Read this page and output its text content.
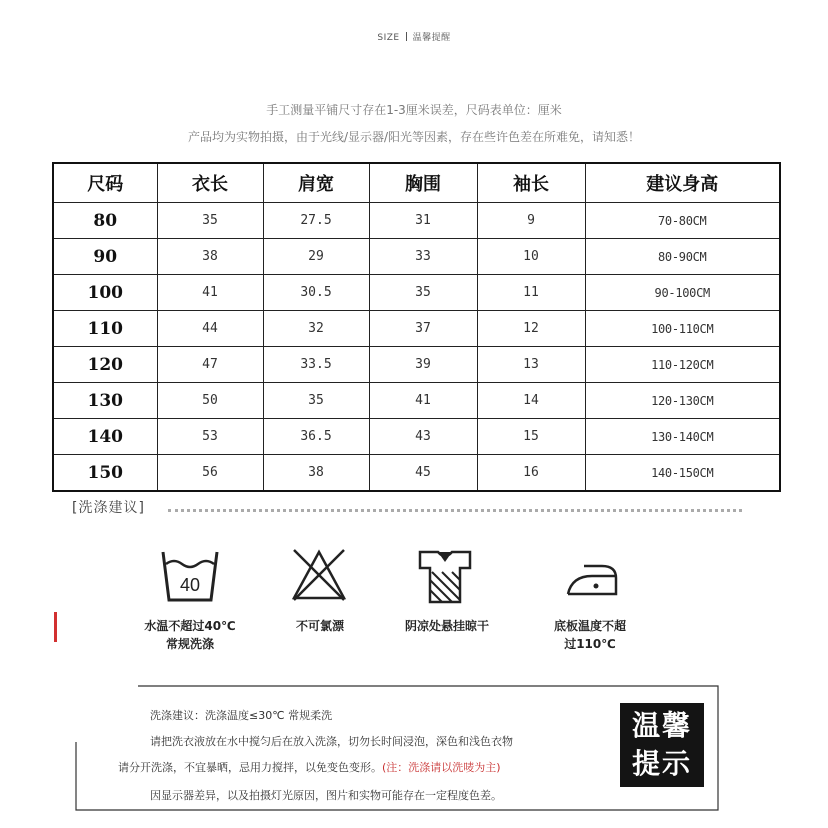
SIZE 温馨提醒
手工测量平铺尺寸存在1-3厘米误差，尺码表单位：厘米
产品均为实物拍摄，由于光线/显示器/阳光等因素，存在些许色差在所难免，请知悉！
尺码	衣长	肩宽	胸围	袖长	建议身高
80	35	27.5	31	9	70-80CM
90	38	29	33	10	80-90CM
100	41	30.5	35	11	90-100CM
110	44	32	37	12	100-110CM
120	47	33.5	39	13	110-120CM
130	50	35	41	14	120-130CM
140	53	36.5	43	15	130-140CM
150	56	38	45	16	140-150CM
[洗涤建议]
40
水温不超过40℃
常规洗涤
不可氯漂	阴凉处悬挂晾干	底板温度不超
过110℃
洗涤建议：洗涤温度≤30℃ 常规柔洗
请把洗衣液放在水中搅匀后在放入洗涤，切勿长时间浸泡，深色和浅色衣物
请分开洗涤，不宜暴晒，忌用力搅拌，以免变色变形。(注：洗涤请以洗唛为主)
因显示器差异，以及拍摄灯光原因，图片和实物可能存在一定程度色差。
温馨
提示
